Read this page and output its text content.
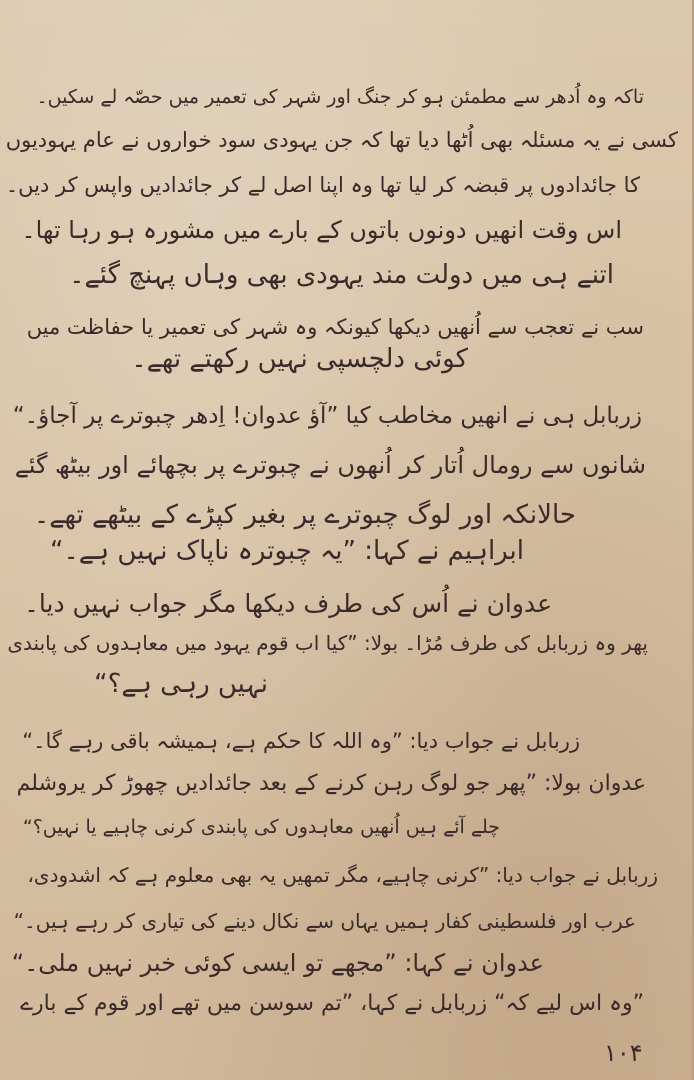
تاکہ وہ اُدھر سے مطمئن ہو کر جنگ اور شہر کی تعمیر میں حصّہ لے سکیں۔
کسی نے یہ مسئلہ بھی اُٹھا دیا تھا کہ جن یہودی سود خواروں نے عام یہودیوں
کا جائدادوں پر قبضہ کر لیا تھا وہ اپنا اصل لے کر جائدادیں واپس کر دیں۔
اس وقت انھیں دونوں باتوں کے بارے میں مشورہ ہو رہا تھا۔
اتنے ہی میں دولت مند یہودی بھی وہاں پہنچ گئے۔
سب نے تعجب سے اُنھیں دیکھا کیونکہ وہ شہر کی تعمیر یا حفاظت میں
کوئی دلچسپی نہیں رکھتے تھے۔
زربابل ہی نے انھیں مخاطب کیا ”آؤ عدوان! اِدھر چبوترے پر آجاؤ۔“
شانوں سے رومال اُتار کر اُنھوں نے چبوترے پر بچھائے اور بیٹھ گئے
حالانکہ اور لوگ چبوترے پر بغیر کپڑے کے بیٹھے تھے۔
ابراہیم نے کہا: ”یہ چبوترہ ناپاک نہیں ہے۔“
عدوان نے اُس کی طرف دیکھا مگر جواب نہیں دیا۔
پھر وہ زربابل کی طرف مُڑا۔ بولا: ”کیا اب قوم یہود میں معاہدوں کی پابندی
نہیں رہی ہے؟“
زربابل نے جواب دیا: ”وہ اللہ کا حکم ہے، ہمیشہ باقی رہے گا۔“
عدوان بولا: ”پھر جو لوگ رہن کرنے کے بعد جائدادیں چھوڑ کر یروشلم
چلے آئے ہیں اُنھیں معاہدوں کی پابندی کرنی چاہیے یا نہیں؟“
زربابل نے جواب دیا: ”کرنی چاہیے، مگر تمھیں یہ بھی معلوم ہے کہ اشدودی،
عرب اور فلسطینی کفار ہمیں یہاں سے نکال دینے کی تیاری کر رہے ہیں۔“
عدوان نے کہا: ”مجھے تو ایسی کوئی خبر نہیں ملی۔“
”وہ اس لیے کہ“ زربابل نے کہا، ”تم سوسن میں تھے اور قوم کے بارے
۱۰۴
